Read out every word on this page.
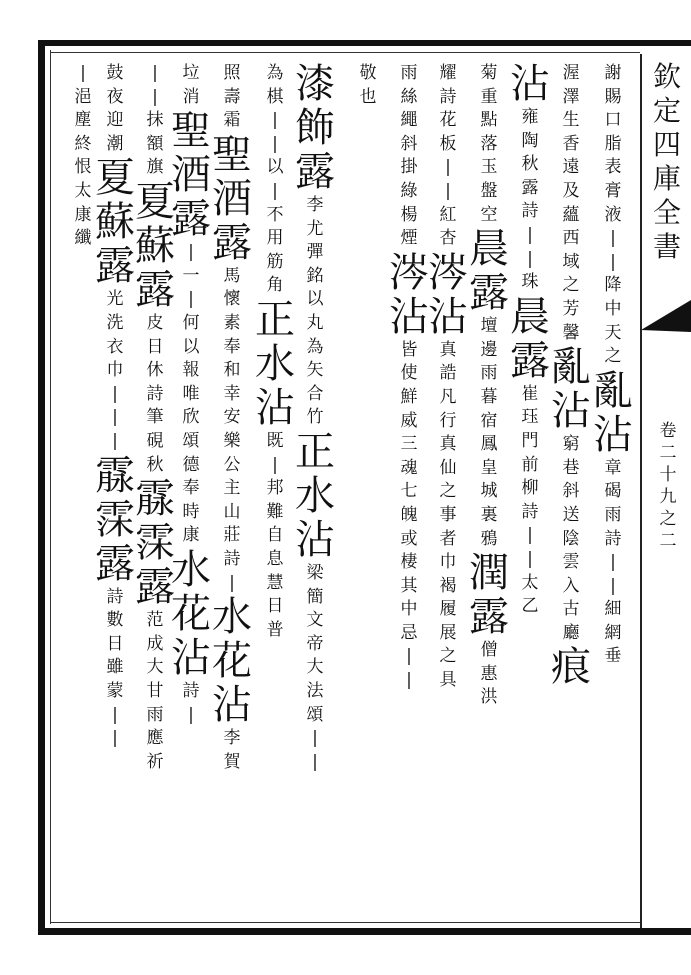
欽
定
四
庫
全
書
卷
二
十
九
之
二
謝
賜
口
脂
表
膏
液
|
|
降
中
天
之
亂
沾
章
碣
雨
詩
|
|
細
網
垂
渥
澤
生
香
遠
及
蘊
西
域
之
芳
馨
亂
沾
窮
巷
斜
送
陰
雲
入
古
廳
痕
沾
雍
陶
秋
露
詩
|
|
珠
晨
露
崔
珏
門
前
柳
詩
|
|
太
乙
菊
重
點
落
玉
盤
空
晨
露
壇
邊
雨
暮
宿
鳳
皇
城
裏
鴉
潤
露
僧
惠
洪
耀
詩
花
板
|
|
紅
杏
涔
沾
真
誥
凡
行
真
仙
之
事
者
巾
褐
履
展
之
具
雨
絲
繩
斜
掛
綠
楊
煙
涔
沾
皆
使
鮮
威
三
魂
七
魄
或
棲
其
中
忌
|
|
敬
也
漆
飾
露
李
尤
彈
銘
以
丸
為
矢
合
竹
正
水
沾
梁
簡
文
帝
大
法
頌
|
|
為
棋
|
|
以
|
不
用
筋
角
正
水
沾
既
|
邦
難
自
息
慧
日
普
照
壽
霜
聖
酒
露
馬
懷
素
奉
和
幸
安
樂
公
主
山
莊
詩
|
水
花
沾
李
賀
垃
消
聖
酒
露
|
一
|
何
以
報
唯
欣
頌
德
奉
時
康
水
花
沾
詩
|
|
|
抹
額
旗
夏
蘇
露
皮
日
休
詩
筆
硯
秋
霡
霂
露
范
成
大
甘
雨
應
祈
鼓
夜
迎
潮
夏
蘇
露
光
洗
衣
巾
|
|
|
霡
霂
露
詩
數
日
雖
蒙
|
|
|
浥
塵
終
恨
太
康
纖
